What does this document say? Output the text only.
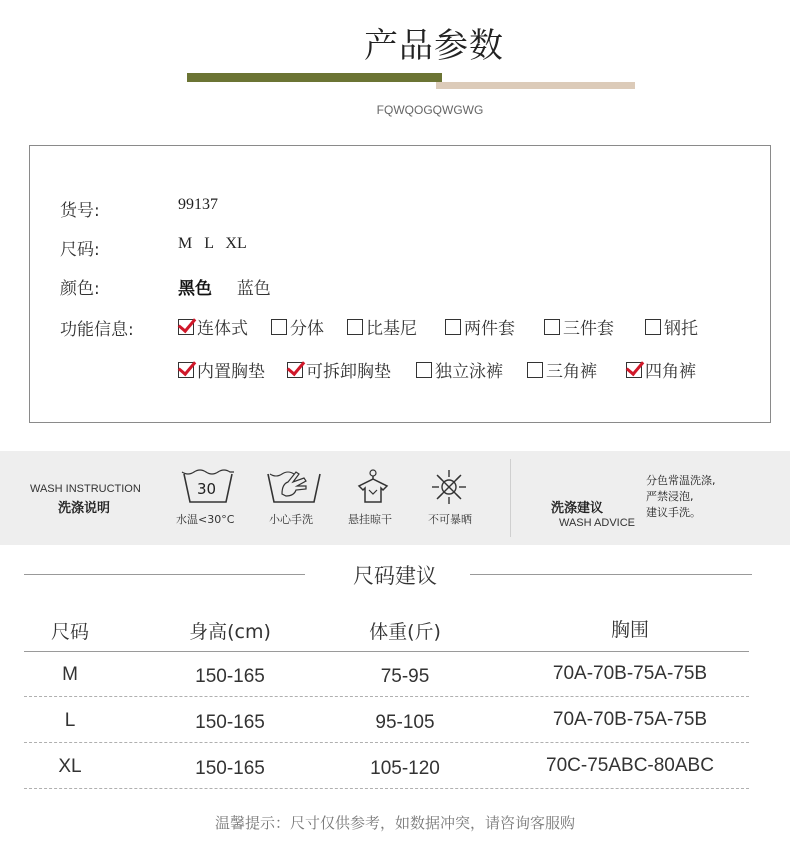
产品参数
FQWQOGQWGWG
货号:	99137
尺码:	M   L   XL
颜色:	黑色 蓝色
功能信息:	连体式 分体 比基尼	两件套	三件套	钢托
内置胸垫 可拆卸胸垫	独立泳裤	三角裤	四角裤
WASH INSTRUCTION
洗涤说明
30
水温<30°C	小心手洗	悬挂晾干	不可暴晒
洗涤建议
WASH ADVICE
分色常温洗涤,
严禁浸泡,
建议手洗。
尺码建议
尺码	身高(cm)	体重(斤)	胸围
M	150-165	75-95	70A-70B-75A-75B
L	150-165	95-105	70A-70B-75A-75B
XL	150-165	105-120	70C-75ABC-80ABC
温馨提示：尺寸仅供参考，如数据冲突，请咨询客服购
